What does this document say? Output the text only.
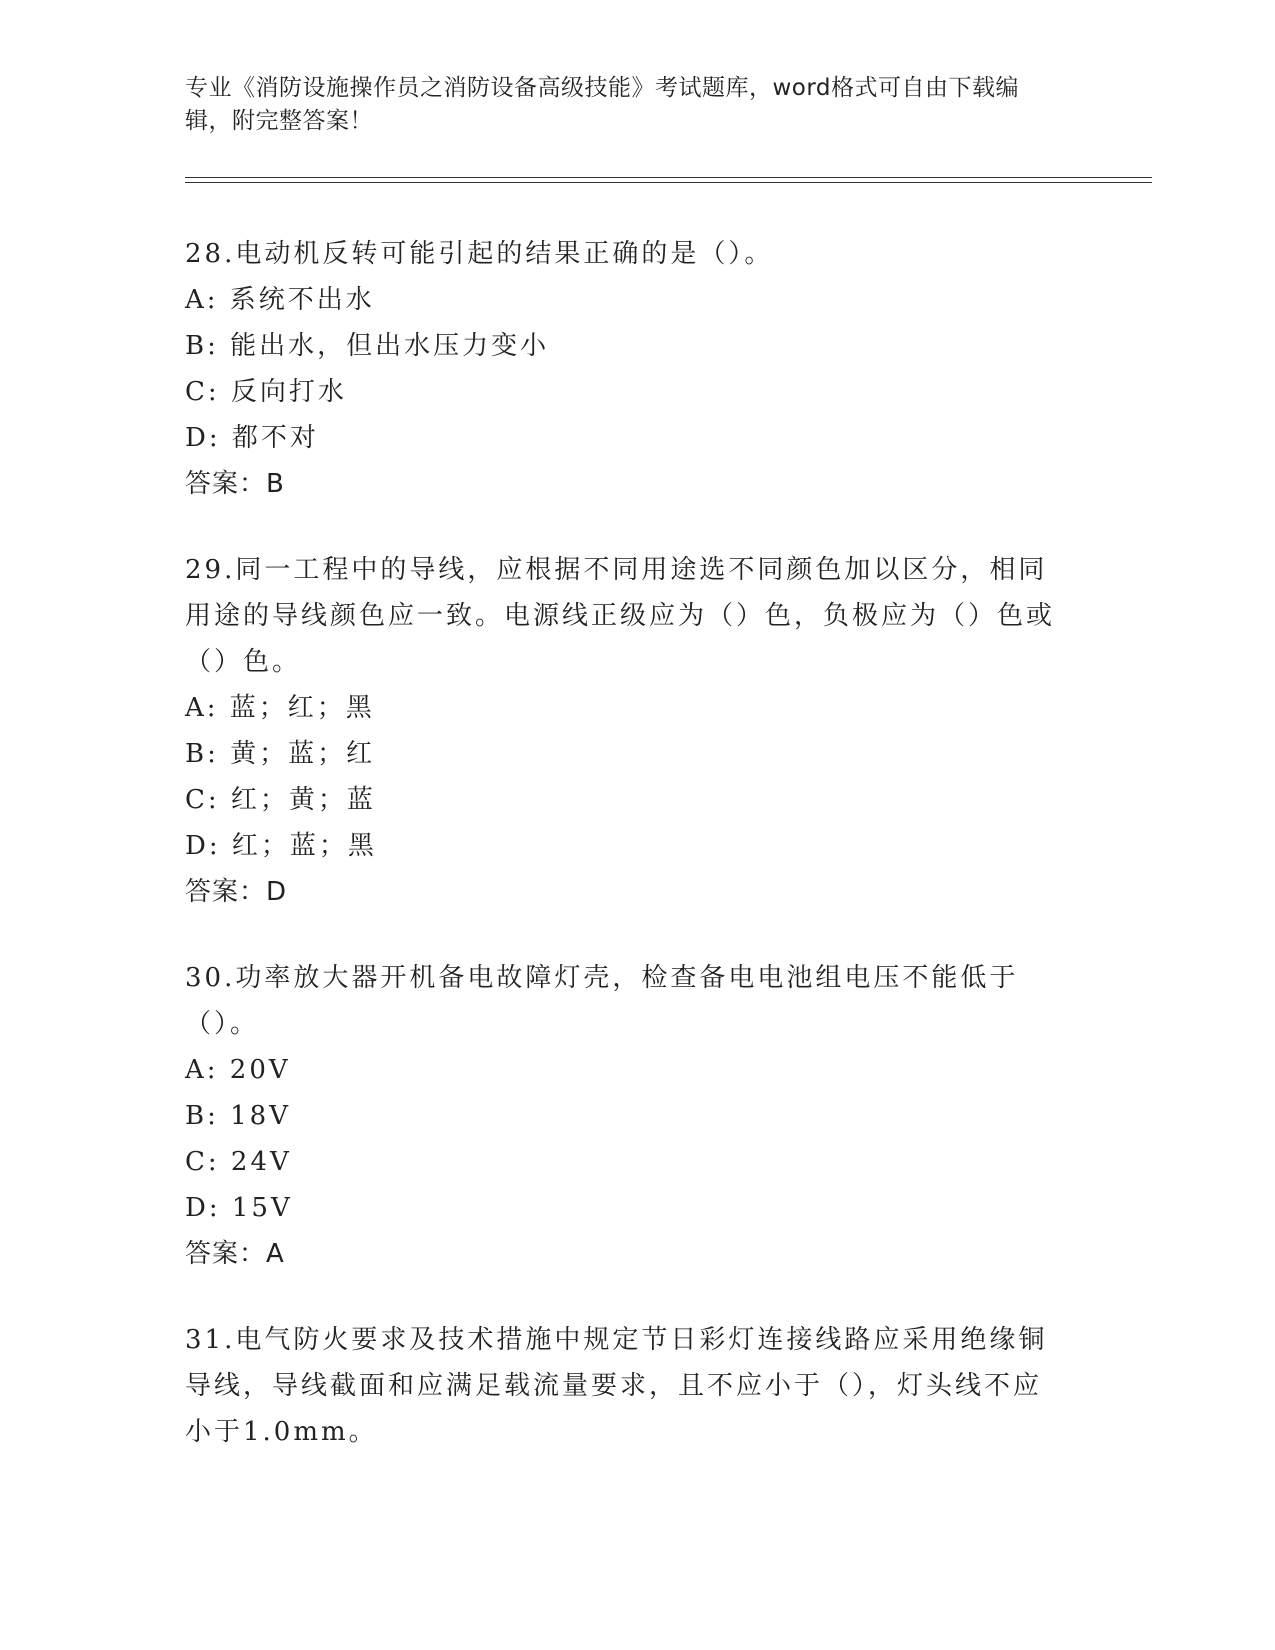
专业《消防设施操作员之消防设备高级技能》考试题库，word格式可自由下载编辑，附完整答案！

28.电动机反转可能引起的结果正确的是（）。

A: 系统不出水

B: 能出水，但出水压力变小

C: 反向打水

D: 都不对

答案：B

29.同一工程中的导线，应根据不同用途选不同颜色加以区分，相同用途的导线颜色应一致。电源线正级应为（）色，负极应为（）色或（）色。

A: 蓝；红；黑

B: 黄；蓝；红

C: 红；黄；蓝

D: 红；蓝；黑

答案：D

30.功率放大器开机备电故障灯壳，检查备电电池组电压不能低于（）。

A: 20V

B: 18V

C: 24V

D: 15V

答案：A

31.电气防火要求及技术措施中规定节日彩灯连接线路应采用绝缘铜导线，导线截面和应满足载流量要求，且不应小于（），灯头线不应小于1.0mm。
